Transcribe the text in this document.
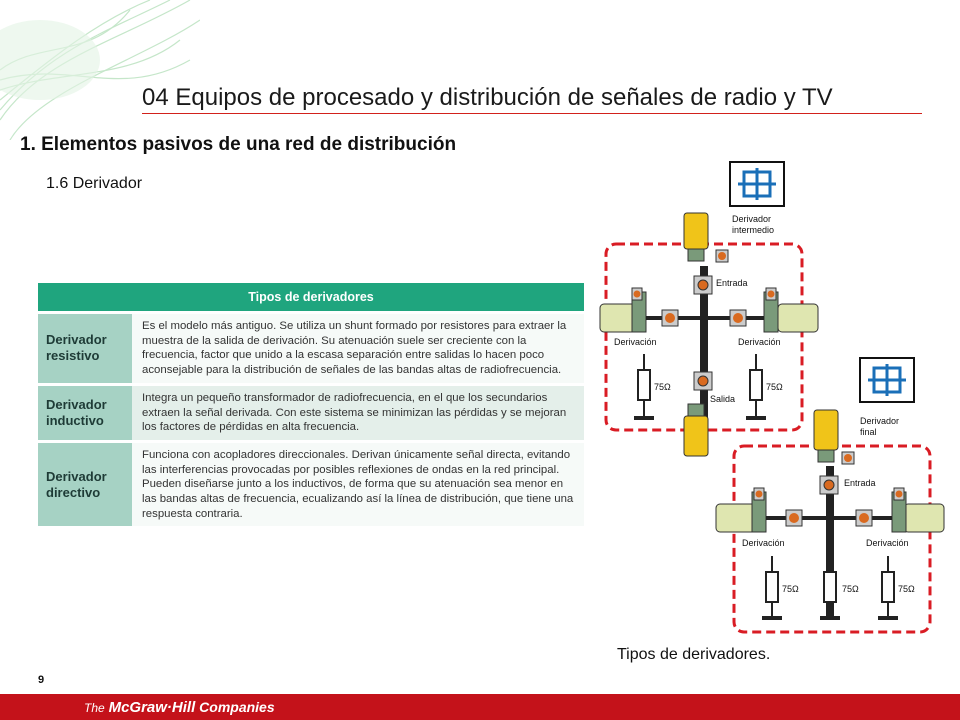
04 Equipos de procesado y distribución de señales de radio y TV
1. Elementos pasivos de una red de distribución
1.6 Derivador
Tipos de derivadores	
Derivador
resistivo	Es el modelo más antiguo. Se utiliza un shunt formado por resistores para extraer la muestra de la salida de derivación. Su atenuación suele ser creciente con la frecuencia, factor que unido a la escasa separación entre salidas lo hacen poco aconsejable para la distribución de señales de las bandas altas de radiofrecuencia.
Derivador
inductivo	Integra un pequeño transformador de radiofrecuencia, en el que los secundarios extraen la señal derivada. Con este sistema se minimizan las pérdidas y se mejoran los factores de pérdidas en alta frecuencia.
Derivador
directivo	Funciona con acopladores direccionales. Derivan únicamente señal directa, evitando las interferencias provocadas por posibles reflexiones de ondas en la red principal. Pueden diseñarse junto a los inductivos, de forma que su atenuación sea menor en las bandas altas de frecuencia, ecualizando así la línea de distribución, que tiene una respuesta contraria.
Derivador
intermedio
Entrada
Derivación	Derivación
75Ω	75Ω
Salida
Derivador
final
Entrada
Derivación	Derivación
75Ω	75Ω	75Ω
Tipos de derivadores.
9
The McGraw·Hill Companies
